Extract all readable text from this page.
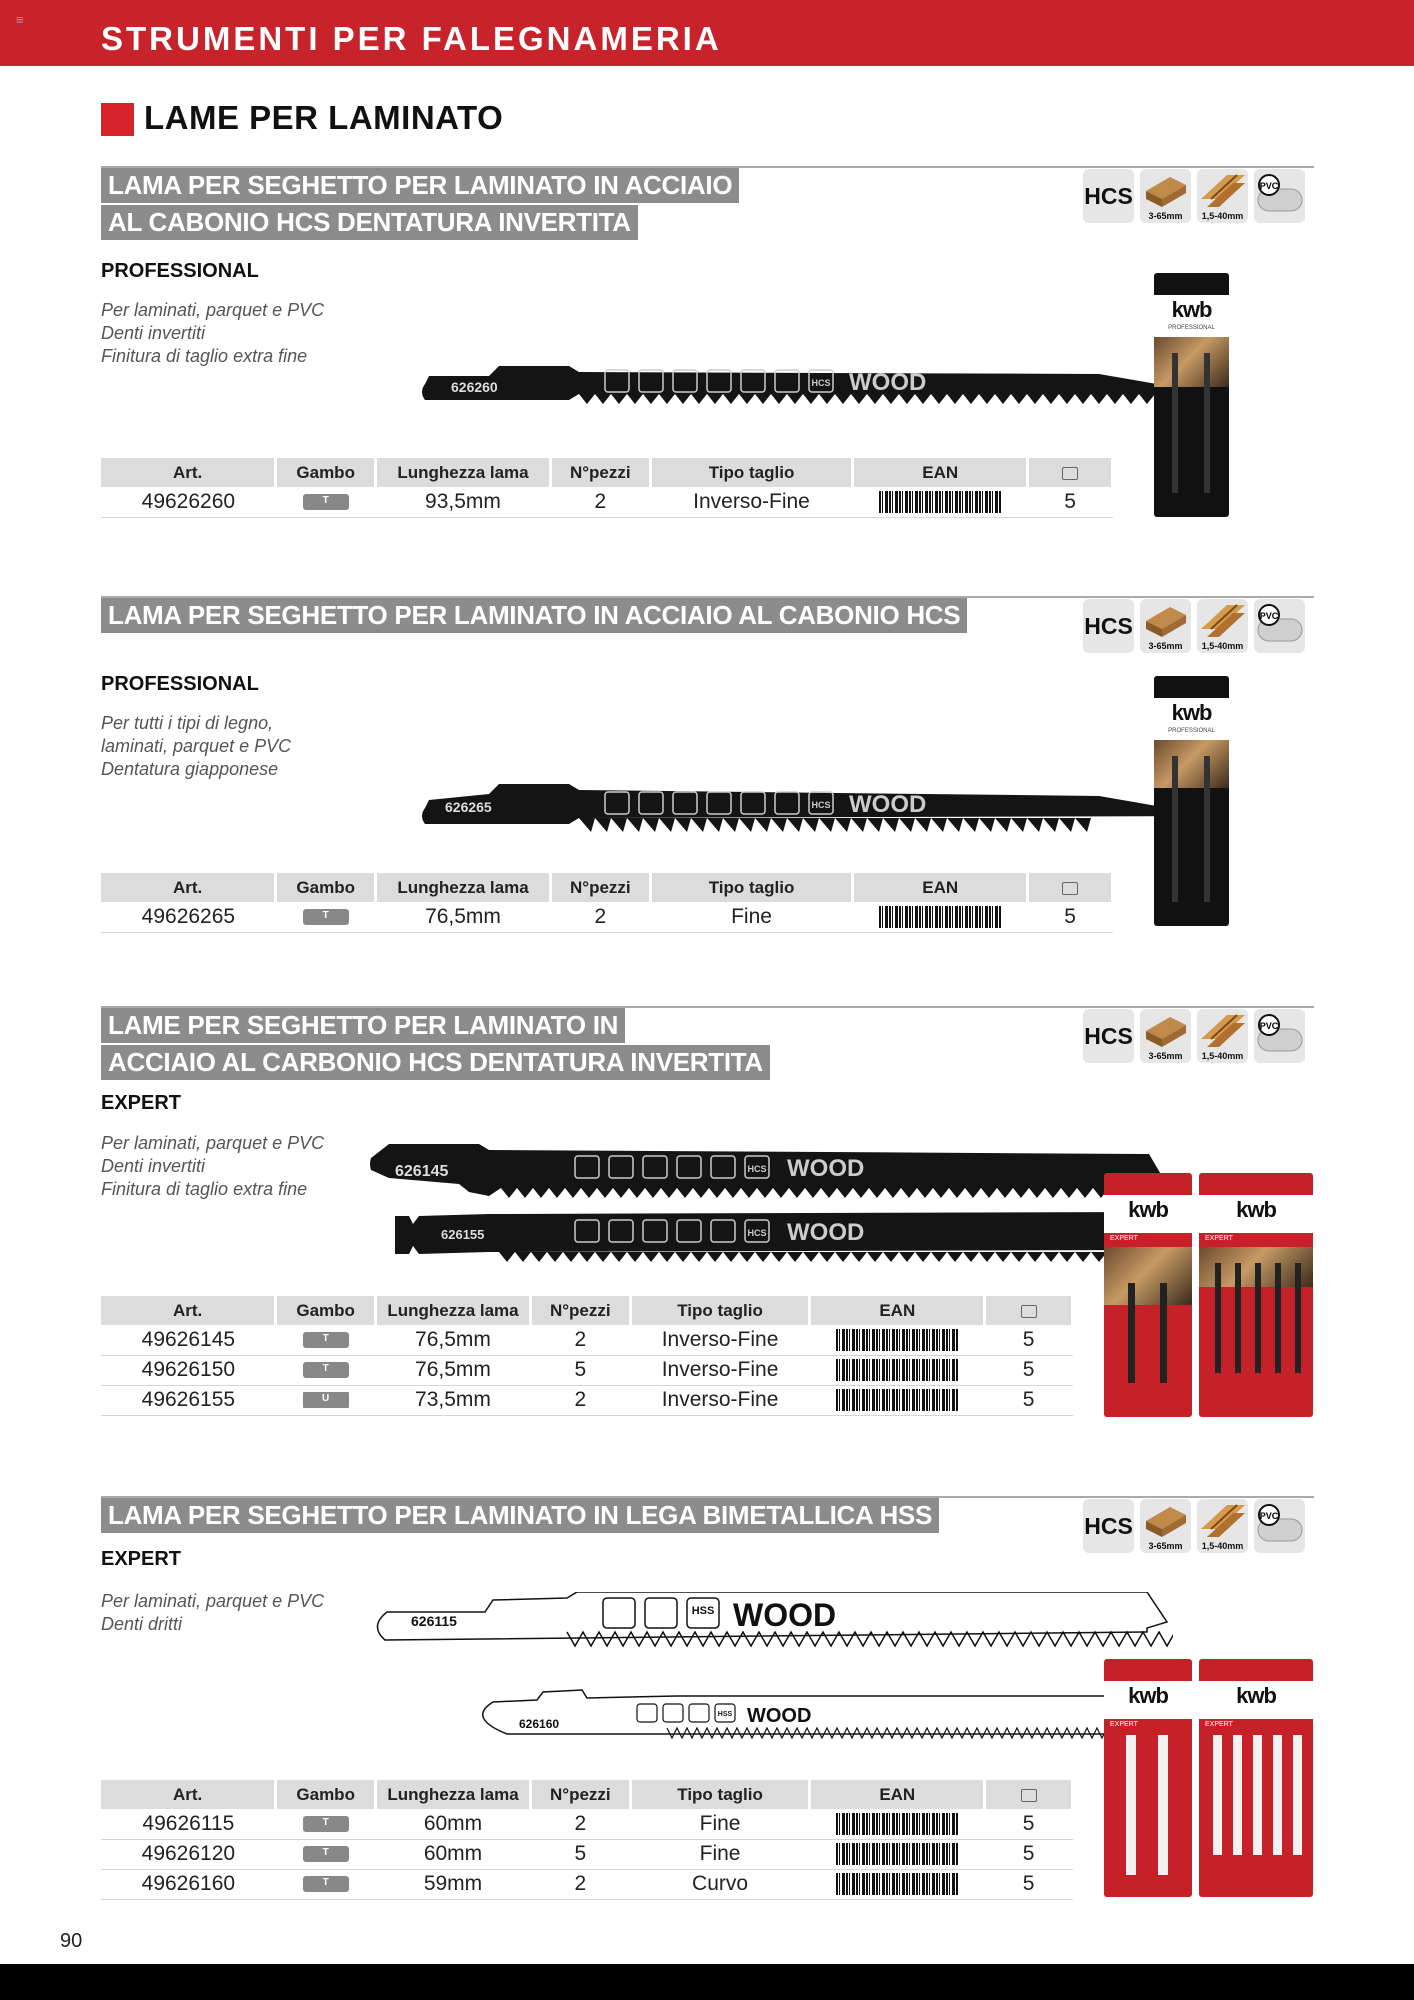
≡
STRUMENTI PER FALEGNAMERIA
LAME PER LAMINATO
LAMA PER SEGHETTO PER LAMINATO IN ACCIAIO
AL CABONIO HCS DENTATURA INVERTITA
PROFESSIONAL
Per laminati, parquet e PVC
Denti invertiti
Finitura di taglio extra fine
HCS
3-65mm	1,5-40mm
PVC
626260	HCS WOOD
Art.	Gambo	Lunghezza lama	N°pezzi	Tipo taglio	EAN	
49626260	T	93,5mm	2	Inverso-Fine		5
kwb
PROFESSIONAL
LAMA PER SEGHETTO PER LAMINATO IN ACCIAIO AL CABONIO HCS
PROFESSIONAL
Per tutti i tipi di legno,
laminati, parquet e PVC
Dentatura giapponese
HCS
3-65mm	1,5-40mm
PVC
626265	HCS WOOD
Art.	Gambo	Lunghezza lama	N°pezzi	Tipo taglio	EAN	
49626265	T	76,5mm	2	Fine		5
kwb
PROFESSIONAL
LAME PER SEGHETTO PER LAMINATO IN
ACCIAIO AL CARBONIO HCS DENTATURA INVERTITA
EXPERT
Per laminati, parquet e PVC
Denti invertiti
Finitura di taglio extra fine
HCS
3-65mm	1,5-40mm
PVC
626145	HCS WOOD
626155	HCS WOOD
Art.	Gambo	Lunghezza lama	N°pezzi	Tipo taglio	EAN	
49626145	T	76,5mm	2	Inverso-Fine		5
49626150	T	76,5mm	5	Inverso-Fine		5
49626155	U	73,5mm	2	Inverso-Fine		5
kwb
EXPERT
kwb
EXPERT
LAMA PER SEGHETTO PER LAMINATO IN LEGA BIMETALLICA HSS
EXPERT
Per laminati, parquet e PVC
Denti dritti
HCS
3-65mm	1,5-40mm
PVC
626115
HSS WOOD
626160
HSS WOOD
Art.	Gambo	Lunghezza lama	N°pezzi	Tipo taglio	EAN	
49626115	T	60mm	2	Fine		5
49626120	T	60mm	5	Fine		5
49626160	T	59mm	2	Curvo		5
kwb
EXPERT
kwb
EXPERT
90
